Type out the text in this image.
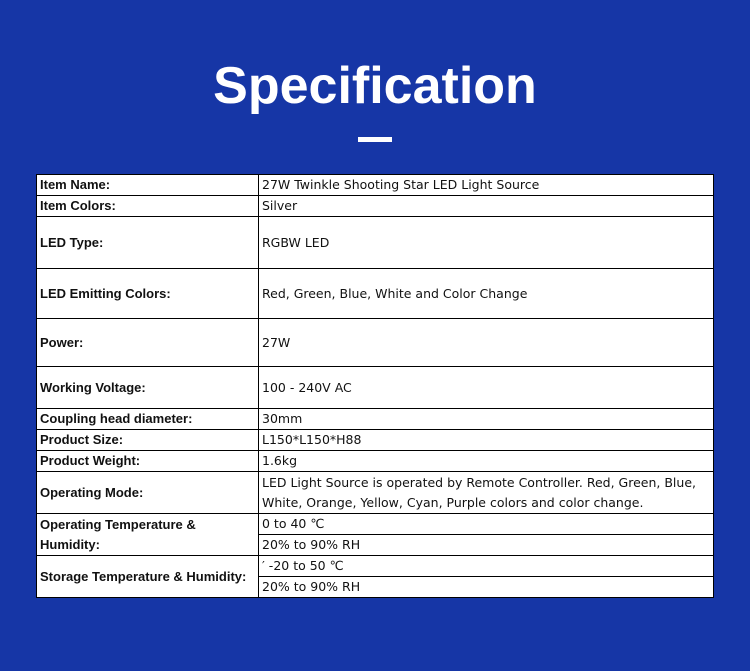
Specification
Item Name:	27W Twinkle Shooting Star LED Light Source
Item Colors:	Silver
LED Type:	RGBW LED
LED Emitting Colors:	Red, Green, Blue, White and Color Change
Power:	27W
Working Voltage:	100 - 240V AC
Coupling head diameter:	30mm
Product Size:	L150*L150*H88
Product Weight:	1.6kg
Operating Mode:	LED Light Source is operated by Remote Controller. Red, Green, Blue, White, Orange, Yellow, Cyan, Purple colors and color change.
Operating Temperature & Humidity:	0 to 40 ℃
	20% to 90% RH
Storage Temperature & Humidity:	′ -20 to 50 ℃
	20% to 90% RH
